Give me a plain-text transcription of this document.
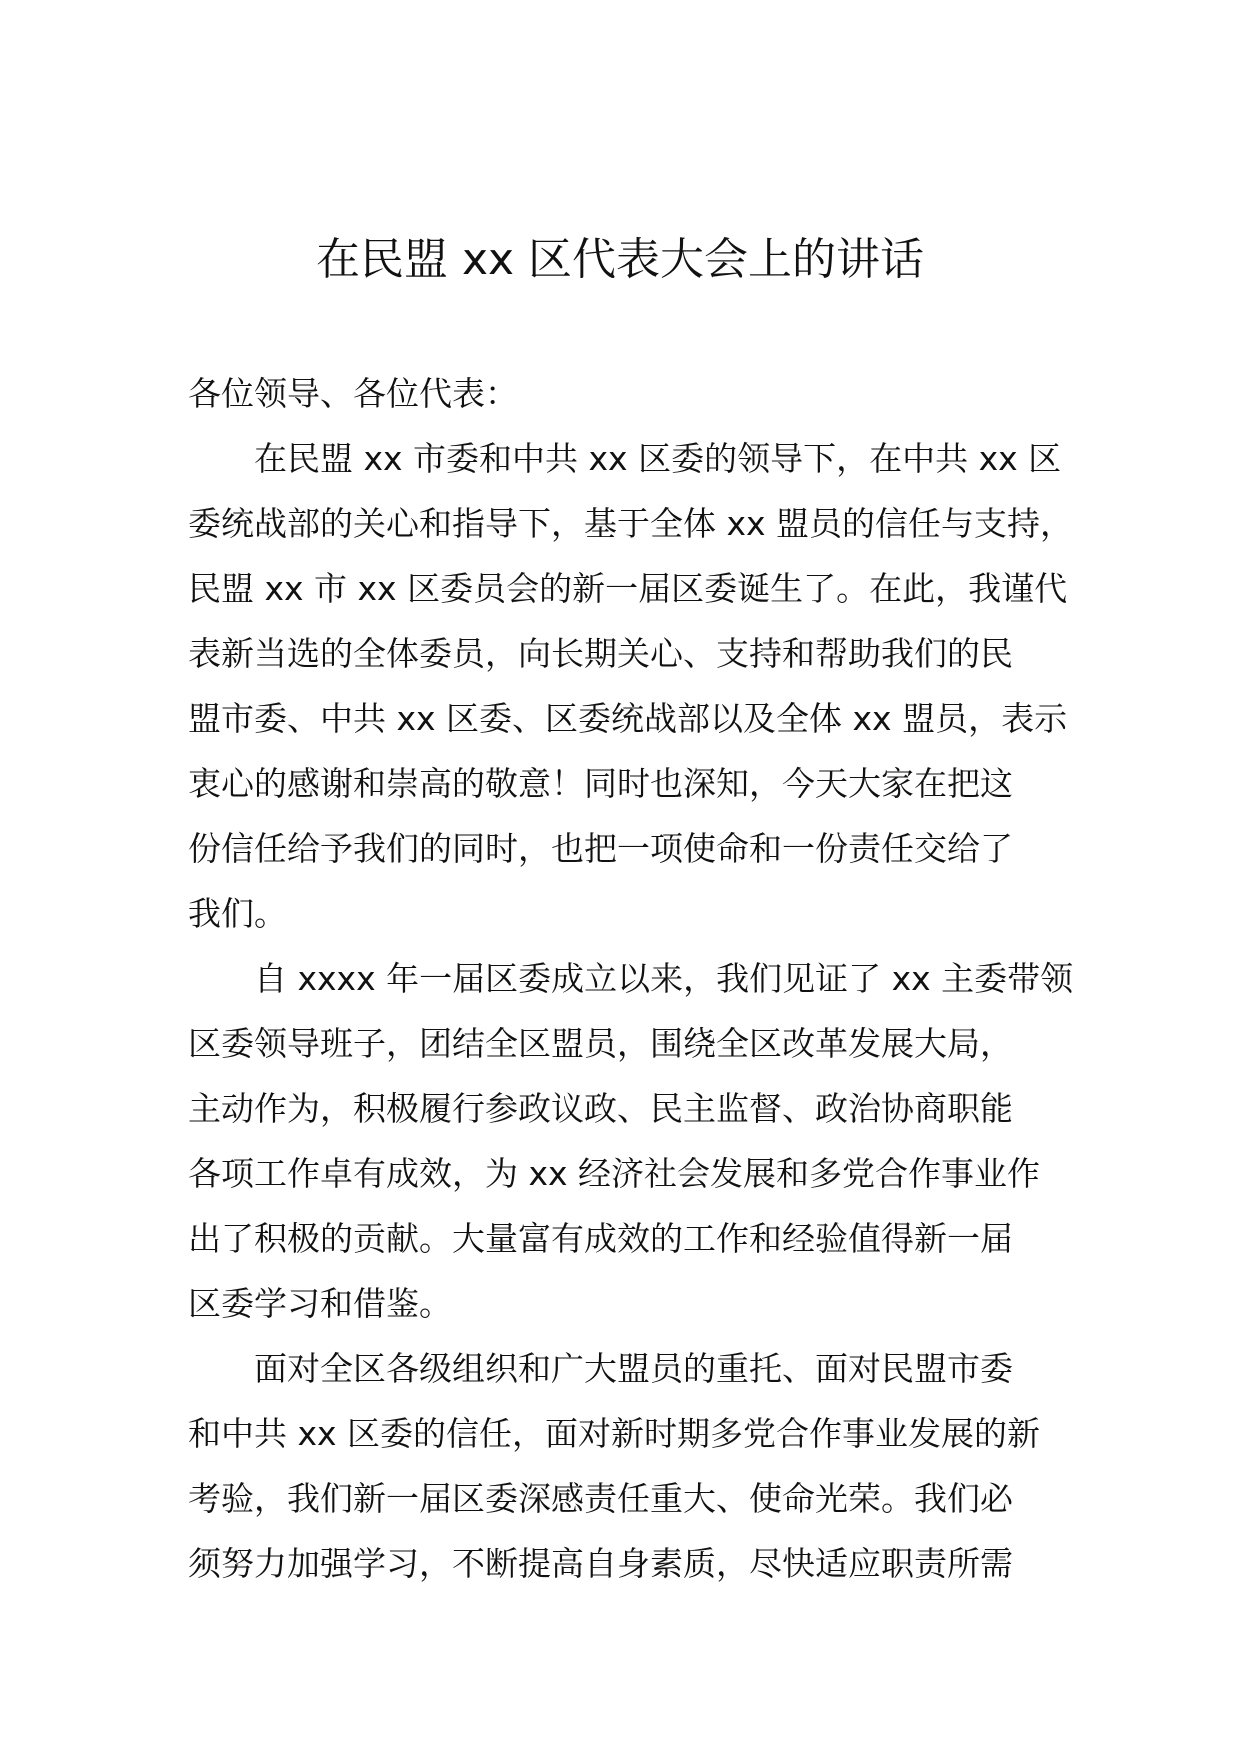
在民盟 xx 区代表大会上的讲话
各位领导、各位代表：
在民盟 xx 市委和中共 xx 区委的领导下，在中共 xx 区
委统战部的关心和指导下，基于全体 xx 盟员的信任与支持，
民盟 xx 市 xx 区委员会的新一届区委诞生了。在此，我谨代
表新当选的全体委员，向长期关心、支持和帮助我们的民
盟市委、中共 xx 区委、区委统战部以及全体 xx 盟员，表示
衷心的感谢和崇高的敬意！同时也深知，今天大家在把这
份信任给予我们的同时，也把一项使命和一份责任交给了
我们。
自 xxxx 年一届区委成立以来，我们见证了 xx 主委带领
区委领导班子，团结全区盟员，围绕全区改革发展大局，
主动作为，积极履行参政议政、民主监督、政治协商职能
各项工作卓有成效，为 xx 经济社会发展和多党合作事业作
出了积极的贡献。大量富有成效的工作和经验值得新一届
区委学习和借鉴。
面对全区各级组织和广大盟员的重托、面对民盟市委
和中共 xx 区委的信任，面对新时期多党合作事业发展的新
考验，我们新一届区委深感责任重大、使命光荣。我们必
须努力加强学习，不断提高自身素质，尽快适应职责所需
